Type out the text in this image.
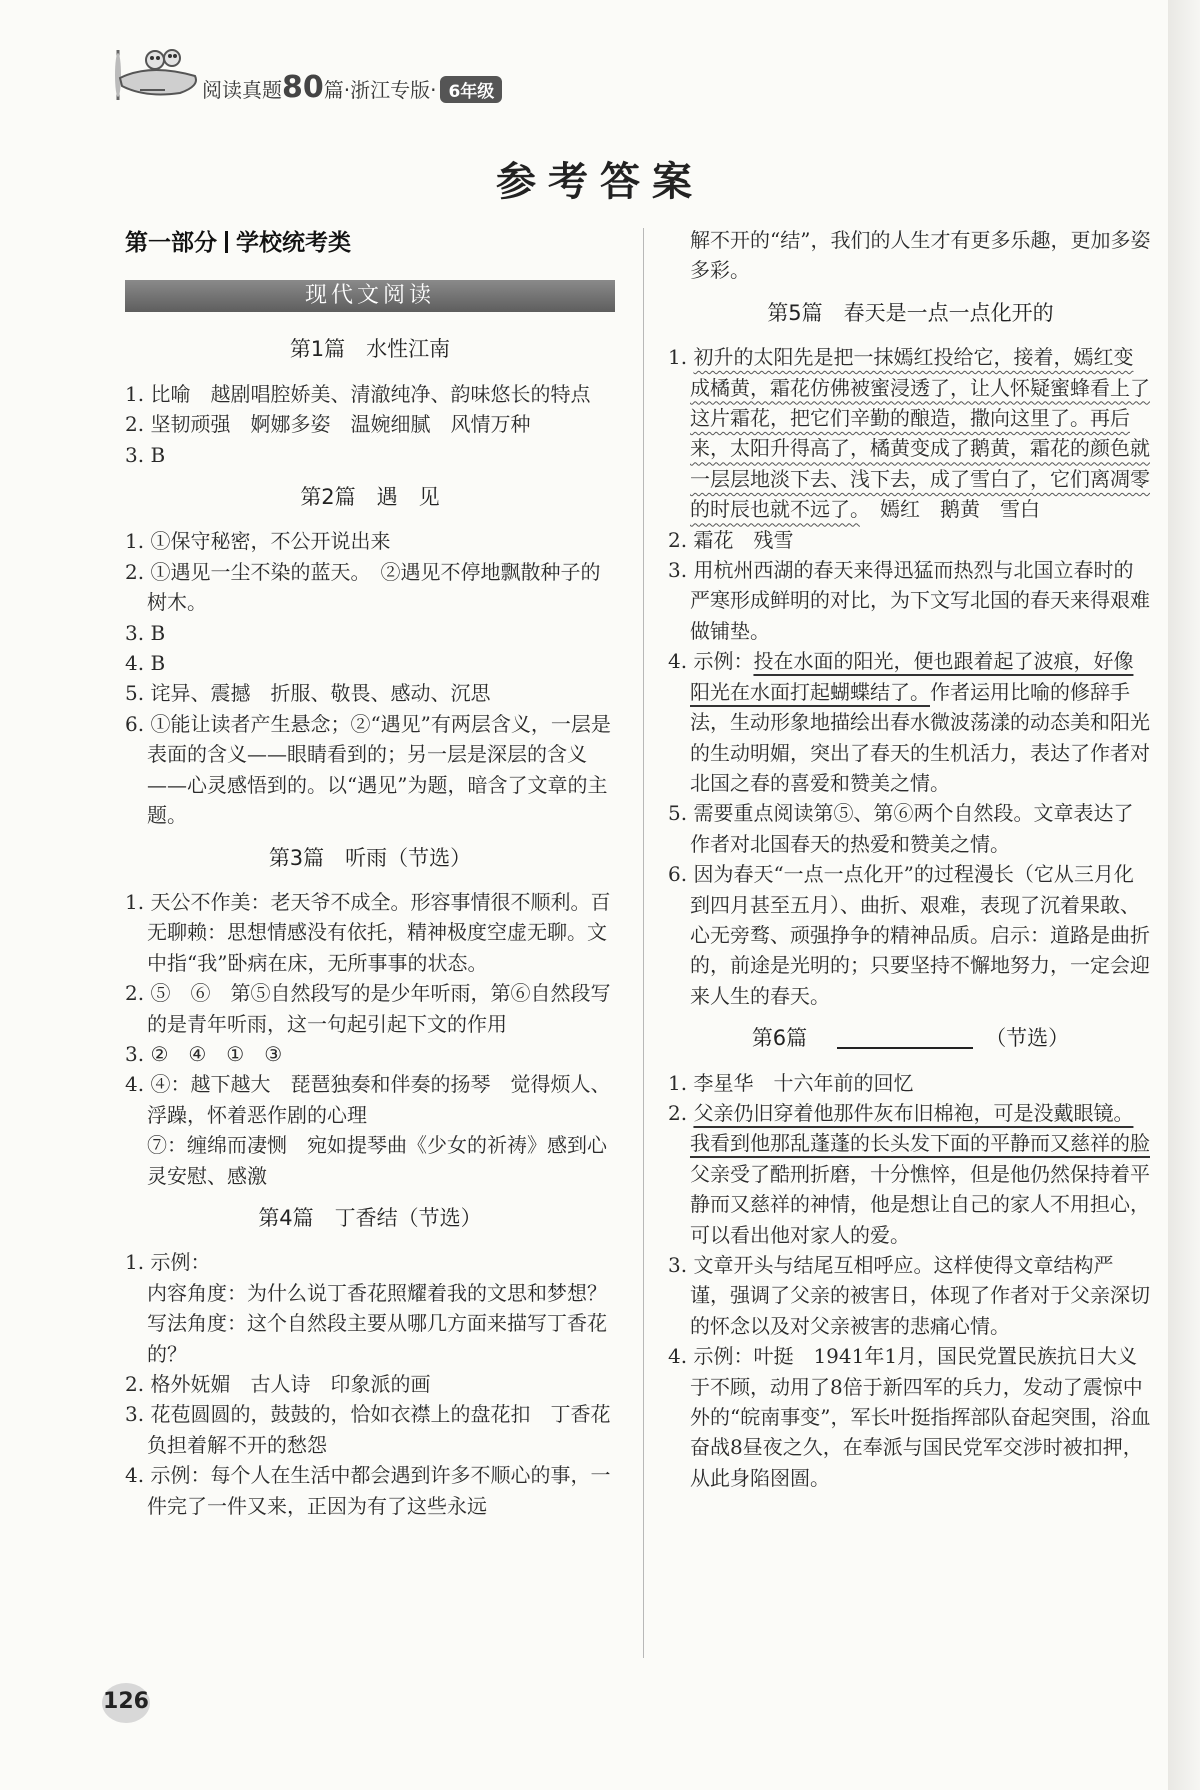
阅读真题80篇·浙江专版· 6年级
参考答案
第一部分 学校统考类
现代文阅读
第1篇　水性江南

1. 比喻　越剧唱腔娇美、清澈纯净、韵味悠长的特点

2. 坚韧顽强　婀娜多姿　温婉细腻　风情万种

3. B

第2篇　遇　见

1. ①保守秘密，不公开说出来

2. ①遇见一尘不染的蓝天。　②遇见不停地飘散种子的树木。

3. B

4. B

5. 诧异、震撼　折服、敬畏、感动、沉思

6. ①能让读者产生悬念；②“遇见”有两层含义，一层是表面的含义——眼睛看到的；另一层是深层的含义——心灵感悟到的。以“遇见”为题，暗含了文章的主题。

第3篇　听雨（节选）

1. 天公不作美：老天爷不成全。形容事情很不顺利。百无聊赖：思想情感没有依托，精神极度空虚无聊。文中指“我”卧病在床，无所事事的状态。

2. ⑤　⑥　第⑤自然段写的是少年听雨，第⑥自然段写的是青年听雨，这一句起引起下文的作用

3. ②　④　①　③

4. ④：越下越大　琵琶独奏和伴奏的扬琴　觉得烦人、浮躁，怀着恶作剧的心理

⑦：缠绵而凄恻　宛如提琴曲《少女的祈祷》感到心灵安慰、感激

第4篇　丁香结（节选）

1. 示例：

内容角度：为什么说丁香花照耀着我的文思和梦想？

写法角度：这个自然段主要从哪几方面来描写丁香花的？

2. 格外妩媚　古人诗　印象派的画

3. 花苞圆圆的，鼓鼓的，恰如衣襟上的盘花扣　丁香花负担着解不开的愁怨

4. 示例：每个人在生活中都会遇到许多不顺心的事，一件完了一件又来，正因为有了这些永远

解不开的“结”，我们的人生才有更多乐趣，更加多姿多彩。

第5篇　春天是一点一点化开的

1. 初升的太阳先是把一抹嫣红投给它，接着，嫣红变成橘黄，霜花仿佛被蜜浸透了，让人怀疑蜜蜂看上了这片霜花，把它们辛勤的酿造，撒向这里了。再后来，太阳升得高了，橘黄变成了鹅黄，霜花的颜色就一层层地淡下去、浅下去，成了雪白了，它们离凋零的时辰也就不远了。　嫣红　鹅黄　雪白

2. 霜花　残雪

3. 用杭州西湖的春天来得迅猛而热烈与北国立春时的严寒形成鲜明的对比，为下文写北国的春天来得艰难做铺垫。

4. 示例：投在水面的阳光，便也跟着起了波痕，好像阳光在水面打起蝴蝶结了。作者运用比喻的修辞手法，生动形象地描绘出春水微波荡漾的动态美和阳光的生动明媚，突出了春天的生机活力，表达了作者对北国之春的喜爱和赞美之情。

5. 需要重点阅读第⑤、第⑥两个自然段。文章表达了作者对北国春天的热爱和赞美之情。

6. 因为春天“一点一点化开”的过程漫长（它从三月化到四月甚至五月）、曲折、艰难，表现了沉着果敢、心无旁骛、顽强挣争的精神品质。启示：道路是曲折的，前途是光明的；只要坚持不懈地努力，一定会迎来人生的春天。

第6篇	（节选）

1. 李星华　十六年前的回忆

2. 父亲仍旧穿着他那件灰布旧棉袍，可是没戴眼镜。我看到他那乱蓬蓬的长头发下面的平静而又慈祥的脸　父亲受了酷刑折磨，十分憔悴，但是他仍然保持着平静而又慈祥的神情，他是想让自己的家人不用担心，可以看出他对家人的爱。

3. 文章开头与结尾互相呼应。这样使得文章结构严谨，强调了父亲的被害日，体现了作者对于父亲深切的怀念以及对父亲被害的悲痛心情。

4. 示例：叶挺　1941年1月，国民党置民族抗日大义于不顾，动用了8倍于新四军的兵力，发动了震惊中外的“皖南事变”，军长叶挺指挥部队奋起突围，浴血奋战8昼夜之久，在奉派与国民党军交涉时被扣押，从此身陷囹圄。

126
